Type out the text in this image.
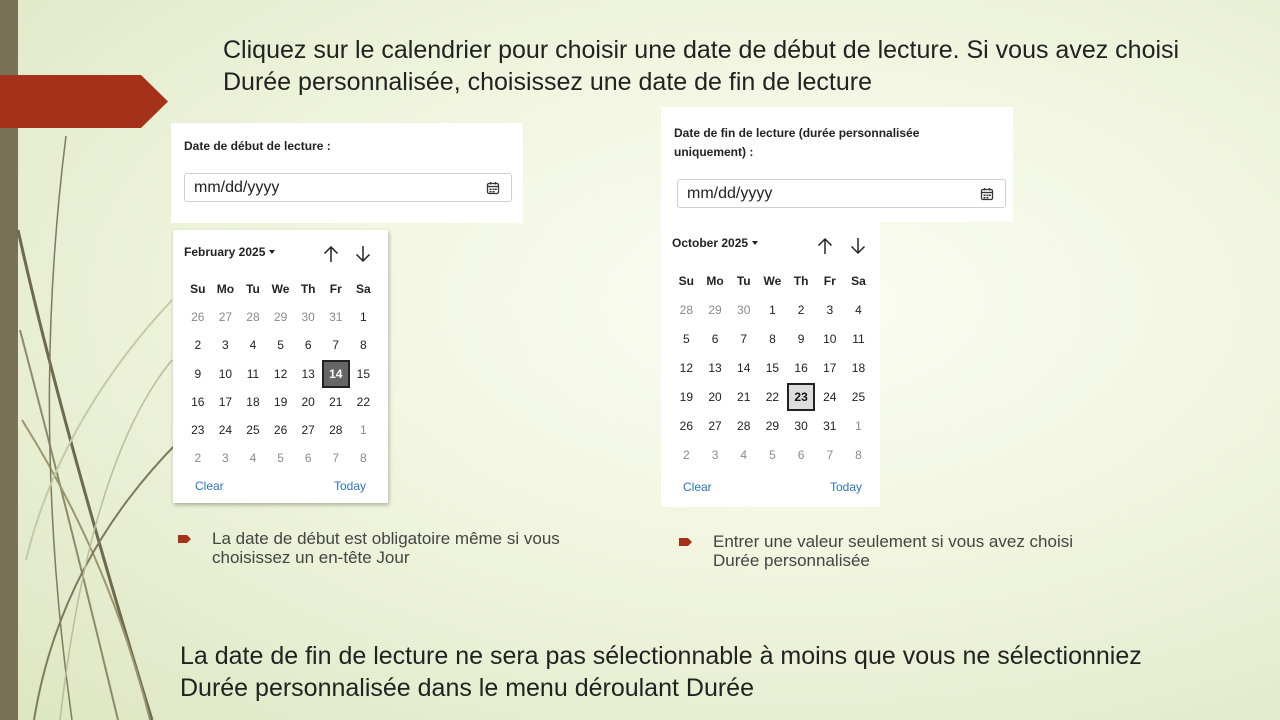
Cliquez sur le calendrier pour choisir une date de début de lecture. Si vous avez choisi Durée personnalisée, choisissez une date de fin de lecture
Date de début de lecture :
mm/dd/yyyy
Date de fin de lecture (durée personnalisée uniquement) :
mm/dd/yyyy
February 2025
Su Mo	Tu We Th	Fr	Sa
26	27	28	29	30	31	1
2	3	4	5	6	7	8
9	10	11	12	13	14	15
16	17	18	19	20	21	22
23	24	25	26	27	28	1
2	3	4	5	6	7	8
Clear	Today
October 2025
Su	Mo	Tu	We	Th	Fr	Sa
28	29	30	1	2	3	4
5	6	7	8	9	10	11
12	13	14	15	16	17	18
19	20	21	22	23	24	25
26	27	28	29	30	31	1
2	3	4	5	6	7	8
Clear	Today
La date de début est obligatoire même si vous choisissez un en-tête Jour
Entrer une valeur seulement si vous avez choisi Durée personnalisée
La date de fin de lecture ne sera pas sélectionnable à moins que vous ne sélectionniez Durée personnalisée dans le menu déroulant Durée
